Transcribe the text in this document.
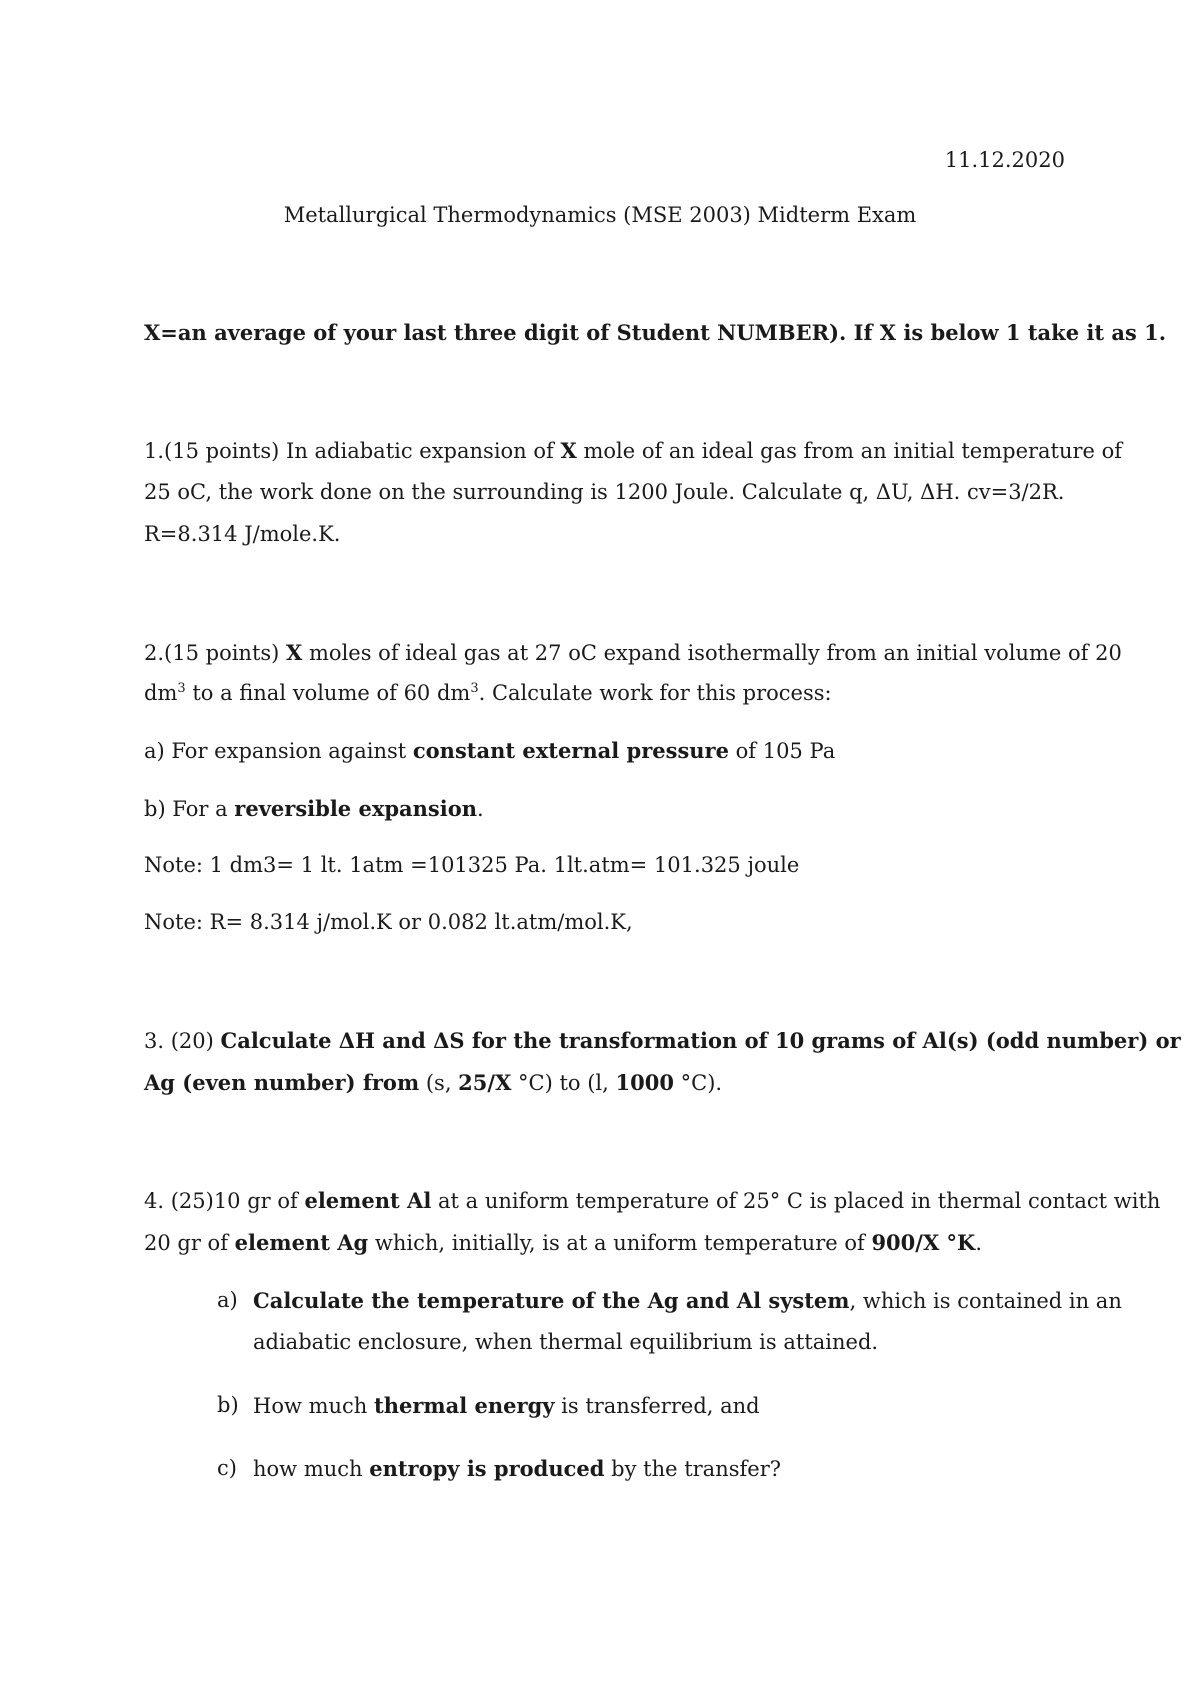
11.12.2020
Metallurgical Thermodynamics (MSE 2003) Midterm Exam
X=an average of your last three digit of Student NUMBER). If X is below 1 take it as 1.
1.(15 points) In adiabatic expansion of X mole of an ideal gas from an initial temperature of
25 oC, the work done on the surrounding is 1200 Joule. Calculate q, ΔU, ΔH. cv=3/2R.
R=8.314 J/mole.K.
2.(15 points) X moles of ideal gas at 27 oC expand isothermally from an initial volume of 20
$dm^3$ to a final volume of 60 $dm^3$. Calculate work for this process:
a) For expansion against constant external pressure of 105 Pa
b) For a reversible expansion.
Note: 1 dm3= 1 lt. 1atm =101325 Pa. 1lt.atm= 101.325 joule
Note: R= 8.314 j/mol.K or 0.082 lt.atm/mol.K,
3. (20) Calculate ΔH and ΔS for the transformation of 10 grams of Al(s) (odd number) or
Ag (even number) from (s, 25/X °C) to (l, 1000 °C).
4. (25)10 gr of element Al at a uniform temperature of 25° C is placed in thermal contact with
20 gr of element Ag which, initially, is at a uniform temperature of 900/X °K.
a) Calculate the temperature of the Ag and Al system, which is contained in an
adiabatic enclosure, when thermal equilibrium is attained.
b) How much thermal energy is transferred, and
c) how much entropy is produced by the transfer?
